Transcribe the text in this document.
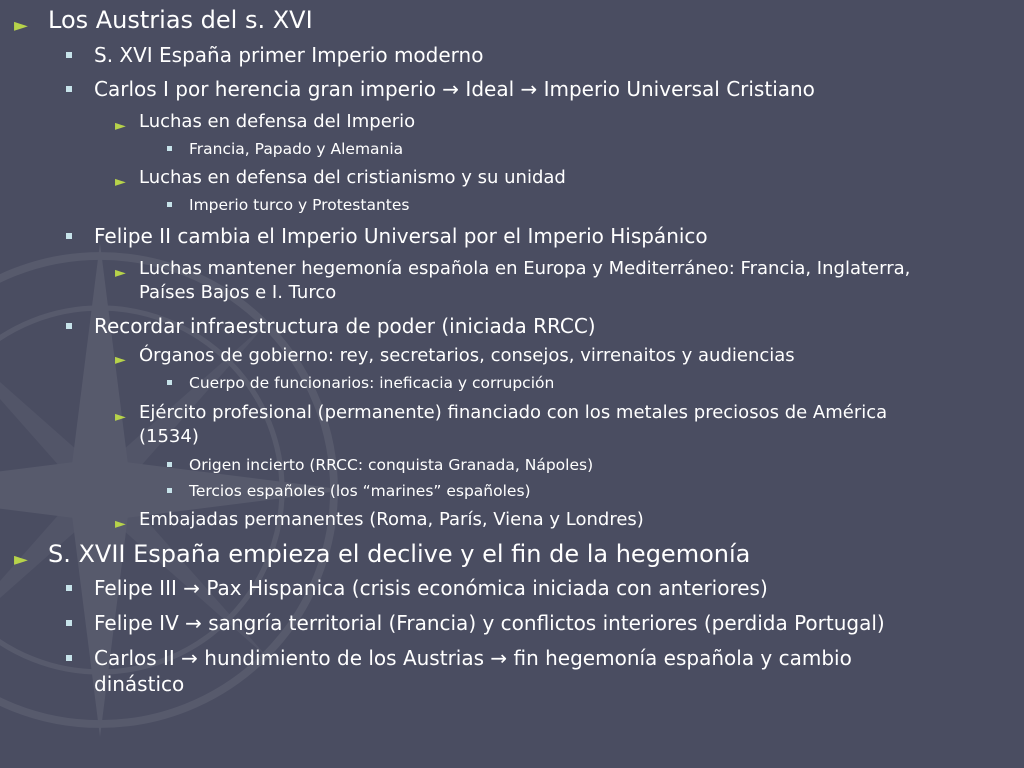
► Los Austrias del s. XVI
S. XVI España primer Imperio moderno
Carlos I por herencia gran imperio → Ideal → Imperio Universal Cristiano
► Luchas en defensa del Imperio
Francia, Papado y Alemania
► Luchas en defensa del cristianismo y su unidad
Imperio turco y Protestantes
Felipe II cambia el Imperio Universal por el Imperio Hispánico
► Luchas mantener hegemonía española en Europa y Mediterráneo: Francia, Inglaterra,
Países Bajos e I. Turco
Recordar infraestructura de poder (iniciada RRCC)
► Órganos de gobierno: rey, secretarios, consejos, virrenaitos y audiencias
Cuerpo de funcionarios: ineficacia y corrupción
► Ejército profesional (permanente) financiado con los metales preciosos de América
(1534)
Origen incierto (RRCC: conquista Granada, Nápoles)
Tercios españoles (los “marines” españoles)
► Embajadas permanentes (Roma, París, Viena y Londres)
► S. XVII España empieza el declive y el fin de la hegemonía
Felipe III → Pax Hispanica (crisis económica iniciada con anteriores)
Felipe IV → sangría territorial (Francia) y conflictos interiores (perdida Portugal)
Carlos II → hundimiento de los Austrias → fin hegemonía española y cambio
dinástico
